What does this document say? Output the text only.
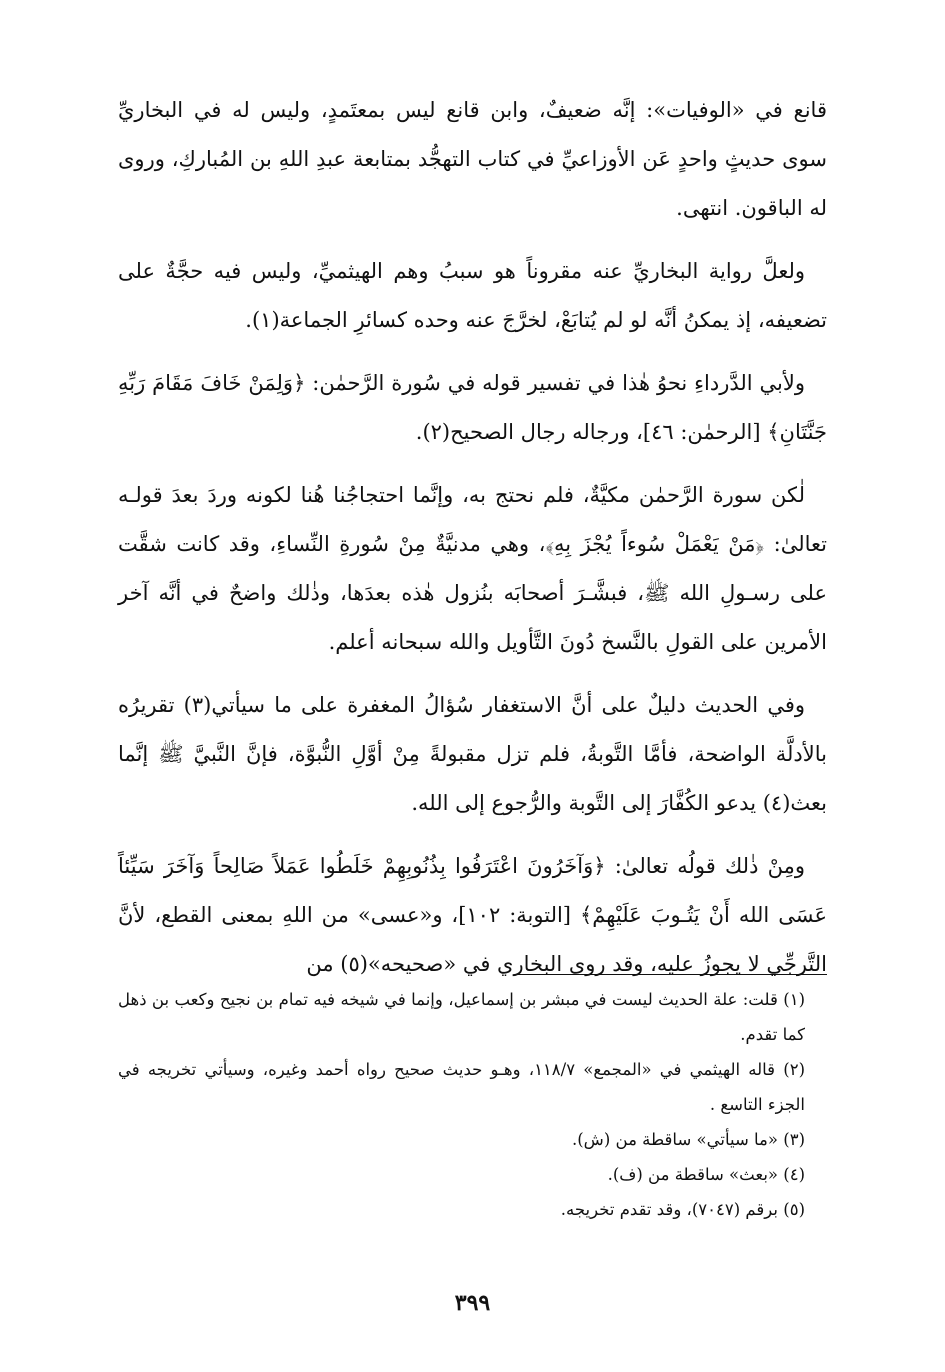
قانع في «الوفيات»: إنَّه ضعيفٌ، وابن قانع ليس بمعتَمدٍ، وليس له في البخاريِّ سوى حديثٍ واحدٍ عَن الأوزاعيِّ في كتاب التهجُّد بمتابعة عبدِ اللهِ بن المُباركِ، وروى له الباقون. انتهى.

ولعلَّ رواية البخاريِّ عنه مقروناً هو سببُ وهم الهيثميِّ، وليس فيه حجَّةٌ على تضعيفه، إذ يمكنُ أنَّه لو لم يُتابَعْ، لخرَّجَ عنه وحده كسائرِ الجماعة(١).

ولأبي الدَّرداءِ نحوُ هٰذا في تفسير قوله في سُورة الرَّحمٰن: ﴿وَلِمَنْ خَافَ مَقَامَ رَبِّهِ جَنَّتَانِ﴾ [الرحمٰن: ٤٦]، ورجاله رجال الصحيح(٢).

لٰكن سورة الرَّحمٰن مكيَّةٌ، فلم نحتج به، وإنَّما احتجاجُنا هُنا لكونه وردَ بعدَ قولـه تعالىٰ: ﴿مَنْ يَعْمَلْ سُوءاً يُجْزَ بِهِ﴾، وهي مدنيَّةٌ مِنْ سُورةِ النِّساءِ، وقد كانت شقَّت على رسـولِ الله ﷺ، فبشَّـرَ أصحابَه بنُزول هٰذه بعدَها، وذٰلك واضحٌ في أنَّه آخر الأمرين على القولِ بالنَّسخ دُونَ التَّأويل والله سبحانه أعلم.

وفي الحديث دليلٌ على أنَّ الاستغفار سُؤالُ المغفرة على ما سيأتي(٣) تقريرُه بالأدلَّة الواضحة، فأمَّا التَّوبةُ، فلم تزل مقبولةً مِنْ أوَّلِ النُّبوَّة، فإنَّ النَّبيَّ ﷺ إنَّما بعث(٤) يدعو الكُفَّارَ إلى التَّوبة والرُّجوع إلى الله.

ومِنْ ذٰلك قولُه تعالىٰ: ﴿وَآخَرُونَ اعْتَرَفُوا بِذُنُوبِهِمْ خَلَطُوا عَمَلاً صَالِحاً وَآخَرَ سَيِّئاً عَسَى الله أَنْ يَتُـوبَ عَلَيْهِمْ﴾ [التوبة: ١٠٢]، و«عسى» من اللهِ بمعنى القطع، لأنَّ التَّرجِّي لا يجوزُ عليه، وقد روى البخاري في «صحيحه»(٥) من

(١) قلت: علة الحديث ليست في مبشر بن إسماعيل، وإنما في شيخه فيه تمام بن نجيح وكعب بن ذهل كما تقدم.

(٢) قاله الهيثمي في «المجمع» ١١٨/٧، وهـو حديث صحيح رواه أحمد وغيره، وسيأتي تخريجه في الجزء التاسع .

(٣) «ما سيأتي» ساقطة من (ش).

(٤) «بعث» ساقطة من (ف).

(٥) برقم (٧٠٤٧)، وقد تقدم تخريجه.

٣٩٩
